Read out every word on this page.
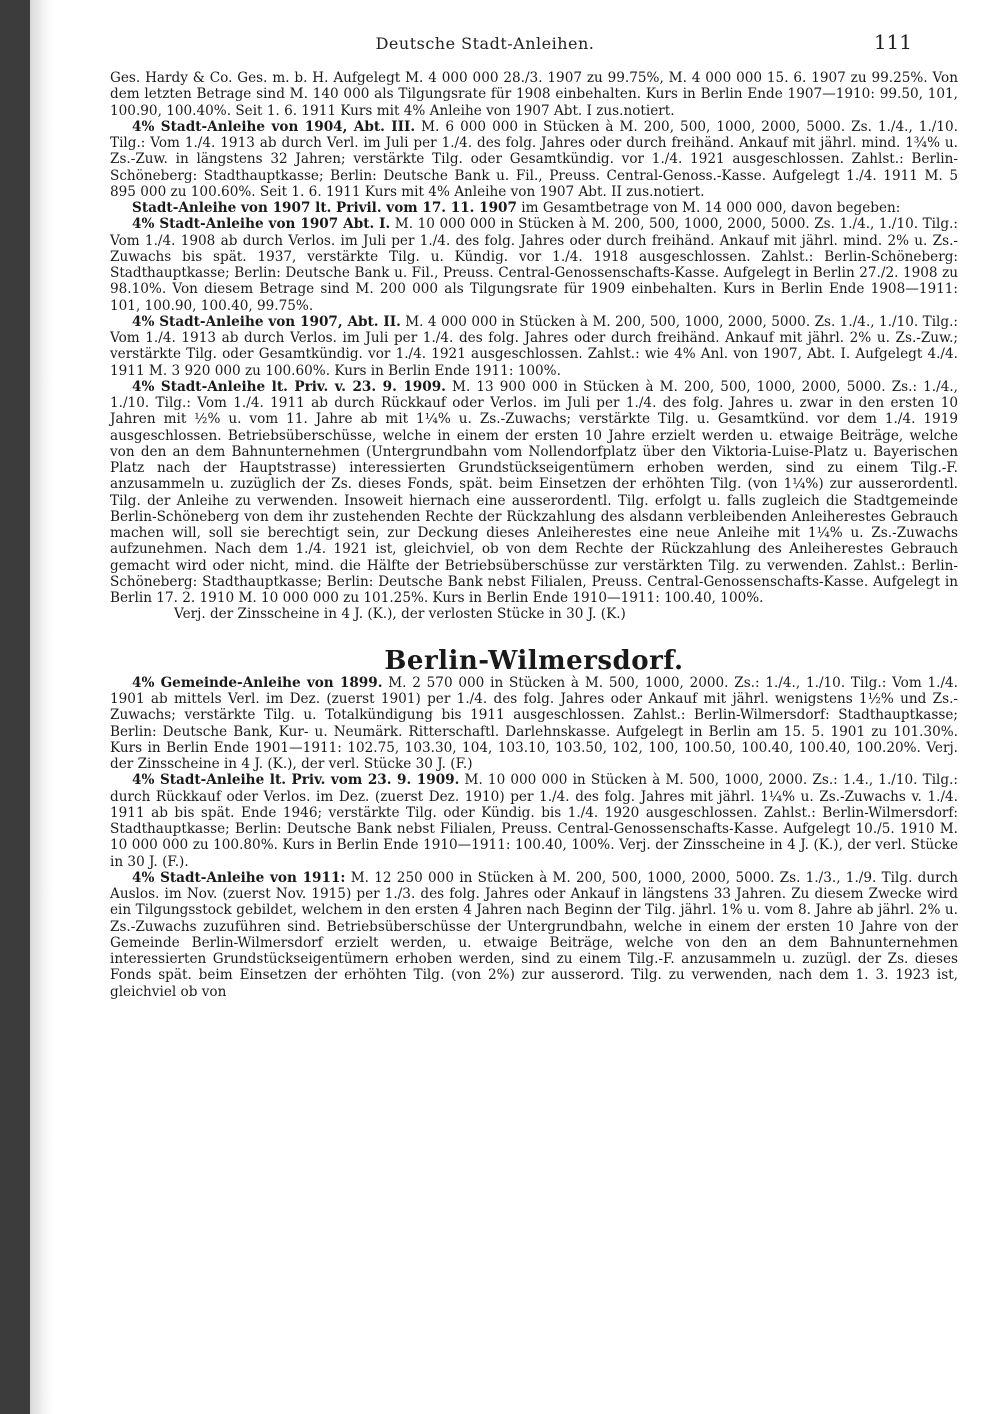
Deutsche Stadt-Anleihen.	111

Ges. Hardy & Co. Ges. m. b. H. Aufgelegt M. 4 000 000 28./3. 1907 zu 99.75%, M. 4 000 000 15. 6. 1907 zu 99.25%. Von dem letzten Betrage sind M. 140 000 als Tilgungsrate für 1908 einbehalten. Kurs in Berlin Ende 1907—1910: 99.50, 101, 100.90, 100.40%. Seit 1. 6. 1911 Kurs mit 4% Anleihe von 1907 Abt. I zus.notiert.

4% Stadt-Anleihe von 1904, Abt. III. M. 6 000 000 in Stücken à M. 200, 500, 1000, 2000, 5000. Zs. 1./4., 1./10. Tilg.: Vom 1./4. 1913 ab durch Verl. im Juli per 1./4. des folg. Jahres oder durch freihänd. Ankauf mit jährl. mind. 1¾% u. Zs.-Zuw. in längstens 32 Jahren; verstärkte Tilg. oder Gesamtkündig. vor 1./4. 1921 ausgeschlossen. Zahlst.: Berlin-Schöneberg: Stadthauptkasse; Berlin: Deutsche Bank u. Fil., Preuss. Central-Genoss.-Kasse. Aufgelegt 1./4. 1911 M. 5 895 000 zu 100.60%. Seit 1. 6. 1911 Kurs mit 4% Anleihe von 1907 Abt. II zus.notiert.

Stadt-Anleihe von 1907 lt. Privil. vom 17. 11. 1907 im Gesamtbetrage von M. 14 000 000, davon begeben:

4% Stadt-Anleihe von 1907 Abt. I. M. 10 000 000 in Stücken à M. 200, 500, 1000, 2000, 5000. Zs. 1./4., 1./10. Tilg.: Vom 1./4. 1908 ab durch Verlos. im Juli per 1./4. des folg. Jahres oder durch freihänd. Ankauf mit jährl. mind. 2% u. Zs.-Zuwachs bis spät. 1937, verstärkte Tilg. u. Kündig. vor 1./4. 1918 ausgeschlossen. Zahlst.: Berlin-Schöneberg: Stadthauptkasse; Berlin: Deutsche Bank u. Fil., Preuss. Central-Genossenschafts-Kasse. Aufgelegt in Berlin 27./2. 1908 zu 98.10%. Von diesem Betrage sind M. 200 000 als Tilgungsrate für 1909 einbehalten. Kurs in Berlin Ende 1908—1911: 101, 100.90, 100.40, 99.75%.

4% Stadt-Anleihe von 1907, Abt. II. M. 4 000 000 in Stücken à M. 200, 500, 1000, 2000, 5000. Zs. 1./4., 1./10. Tilg.: Vom 1./4. 1913 ab durch Verlos. im Juli per 1./4. des folg. Jahres oder durch freihänd. Ankauf mit jährl. 2% u. Zs.-Zuw.; verstärkte Tilg. oder Gesamtkündig. vor 1./4. 1921 ausgeschlossen. Zahlst.: wie 4% Anl. von 1907, Abt. I. Aufgelegt 4./4. 1911 M. 3 920 000 zu 100.60%. Kurs in Berlin Ende 1911: 100%.

4% Stadt-Anleihe lt. Priv. v. 23. 9. 1909. M. 13 900 000 in Stücken à M. 200, 500, 1000, 2000, 5000. Zs.: 1./4., 1./10. Tilg.: Vom 1./4. 1911 ab durch Rückkauf oder Verlos. im Juli per 1./4. des folg. Jahres u. zwar in den ersten 10 Jahren mit ½% u. vom 11. Jahre ab mit 1¼% u. Zs.-Zuwachs; verstärkte Tilg. u. Gesamtkünd. vor dem 1./4. 1919 ausgeschlossen. Betriebsüberschüsse, welche in einem der ersten 10 Jahre erzielt werden u. etwaige Beiträge, welche von den an dem Bahnunternehmen (Untergrundbahn vom Nollendorfplatz über den Viktoria-Luise-Platz u. Bayerischen Platz nach der Hauptstrasse) interessierten Grundstückseigentümern erhoben werden, sind zu einem Tilg.-F. anzusammeln u. zuzüglich der Zs. dieses Fonds, spät. beim Einsetzen der erhöhten Tilg. (von 1¼%) zur ausserordentl. Tilg. der Anleihe zu verwenden. Insoweit hiernach eine ausserordentl. Tilg. erfolgt u. falls zugleich die Stadtgemeinde Berlin-Schöneberg von dem ihr zustehenden Rechte der Rückzahlung des alsdann verbleibenden Anleiherestes Gebrauch machen will, soll sie berechtigt sein, zur Deckung dieses Anleiherestes eine neue Anleihe mit 1¼% u. Zs.-Zuwachs aufzunehmen. Nach dem 1./4. 1921 ist, gleichviel, ob von dem Rechte der Rückzahlung des Anleiherestes Gebrauch gemacht wird oder nicht, mind. die Hälfte der Betriebsüberschüsse zur verstärkten Tilg. zu verwenden. Zahlst.: Berlin-Schöneberg: Stadthauptkasse; Berlin: Deutsche Bank nebst Filialen, Preuss. Central-Genossenschafts-Kasse. Aufgelegt in Berlin 17. 2. 1910 M. 10 000 000 zu 101.25%. Kurs in Berlin Ende 1910—1911: 100.40, 100%.

Verj. der Zinsscheine in 4 J. (K.), der verlosten Stücke in 30 J. (K.)

Berlin-Wilmersdorf.

4% Gemeinde-Anleihe von 1899. M. 2 570 000 in Stücken à M. 500, 1000, 2000. Zs.: 1./4., 1./10. Tilg.: Vom 1./4. 1901 ab mittels Verl. im Dez. (zuerst 1901) per 1./4. des folg. Jahres oder Ankauf mit jährl. wenigstens 1½% und Zs.-Zuwachs; verstärkte Tilg. u. Totalkündigung bis 1911 ausgeschlossen. Zahlst.: Berlin-Wilmersdorf: Stadthauptkasse; Berlin: Deutsche Bank, Kur- u. Neumärk. Ritterschaftl. Darlehnskasse. Aufgelegt in Berlin am 15. 5. 1901 zu 101.30%. Kurs in Berlin Ende 1901—1911: 102.75, 103.30, 104, 103.10, 103.50, 102, 100, 100.50, 100.40, 100.40, 100.20%. Verj. der Zinsscheine in 4 J. (K.), der verl. Stücke 30 J. (F.)

4% Stadt-Anleihe lt. Priv. vom 23. 9. 1909. M. 10 000 000 in Stücken à M. 500, 1000, 2000. Zs.: 1.4., 1./10. Tilg.: durch Rückkauf oder Verlos. im Dez. (zuerst Dez. 1910) per 1./4. des folg. Jahres mit jährl. 1¼% u. Zs.-Zuwachs v. 1./4. 1911 ab bis spät. Ende 1946; verstärkte Tilg. oder Kündig. bis 1./4. 1920 ausgeschlossen. Zahlst.: Berlin-Wilmersdorf: Stadthauptkasse; Berlin: Deutsche Bank nebst Filialen, Preuss. Central-Genossenschafts-Kasse. Aufgelegt 10./5. 1910 M. 10 000 000 zu 100.80%. Kurs in Berlin Ende 1910—1911: 100.40, 100%. Verj. der Zinsscheine in 4 J. (K.), der verl. Stücke in 30 J. (F.).

4% Stadt-Anleihe von 1911: M. 12 250 000 in Stücken à M. 200, 500, 1000, 2000, 5000. Zs. 1./3., 1./9. Tilg. durch Auslos. im Nov. (zuerst Nov. 1915) per 1./3. des folg. Jahres oder Ankauf in längstens 33 Jahren. Zu diesem Zwecke wird ein Tilgungsstock gebildet, welchem in den ersten 4 Jahren nach Beginn der Tilg. jährl. 1% u. vom 8. Jahre ab jährl. 2% u. Zs.-Zuwachs zuzuführen sind. Betriebsüberschüsse der Untergrundbahn, welche in einem der ersten 10 Jahre von der Gemeinde Berlin-Wilmersdorf erzielt werden, u. etwaige Beiträge, welche von den an dem Bahnunternehmen interessierten Grundstückseigentümern erhoben werden, sind zu einem Tilg.-F. anzusammeln u. zuzügl. der Zs. dieses Fonds spät. beim Einsetzen der erhöhten Tilg. (von 2%) zur ausserord. Tilg. zu verwenden, nach dem 1. 3. 1923 ist, gleichviel ob von
